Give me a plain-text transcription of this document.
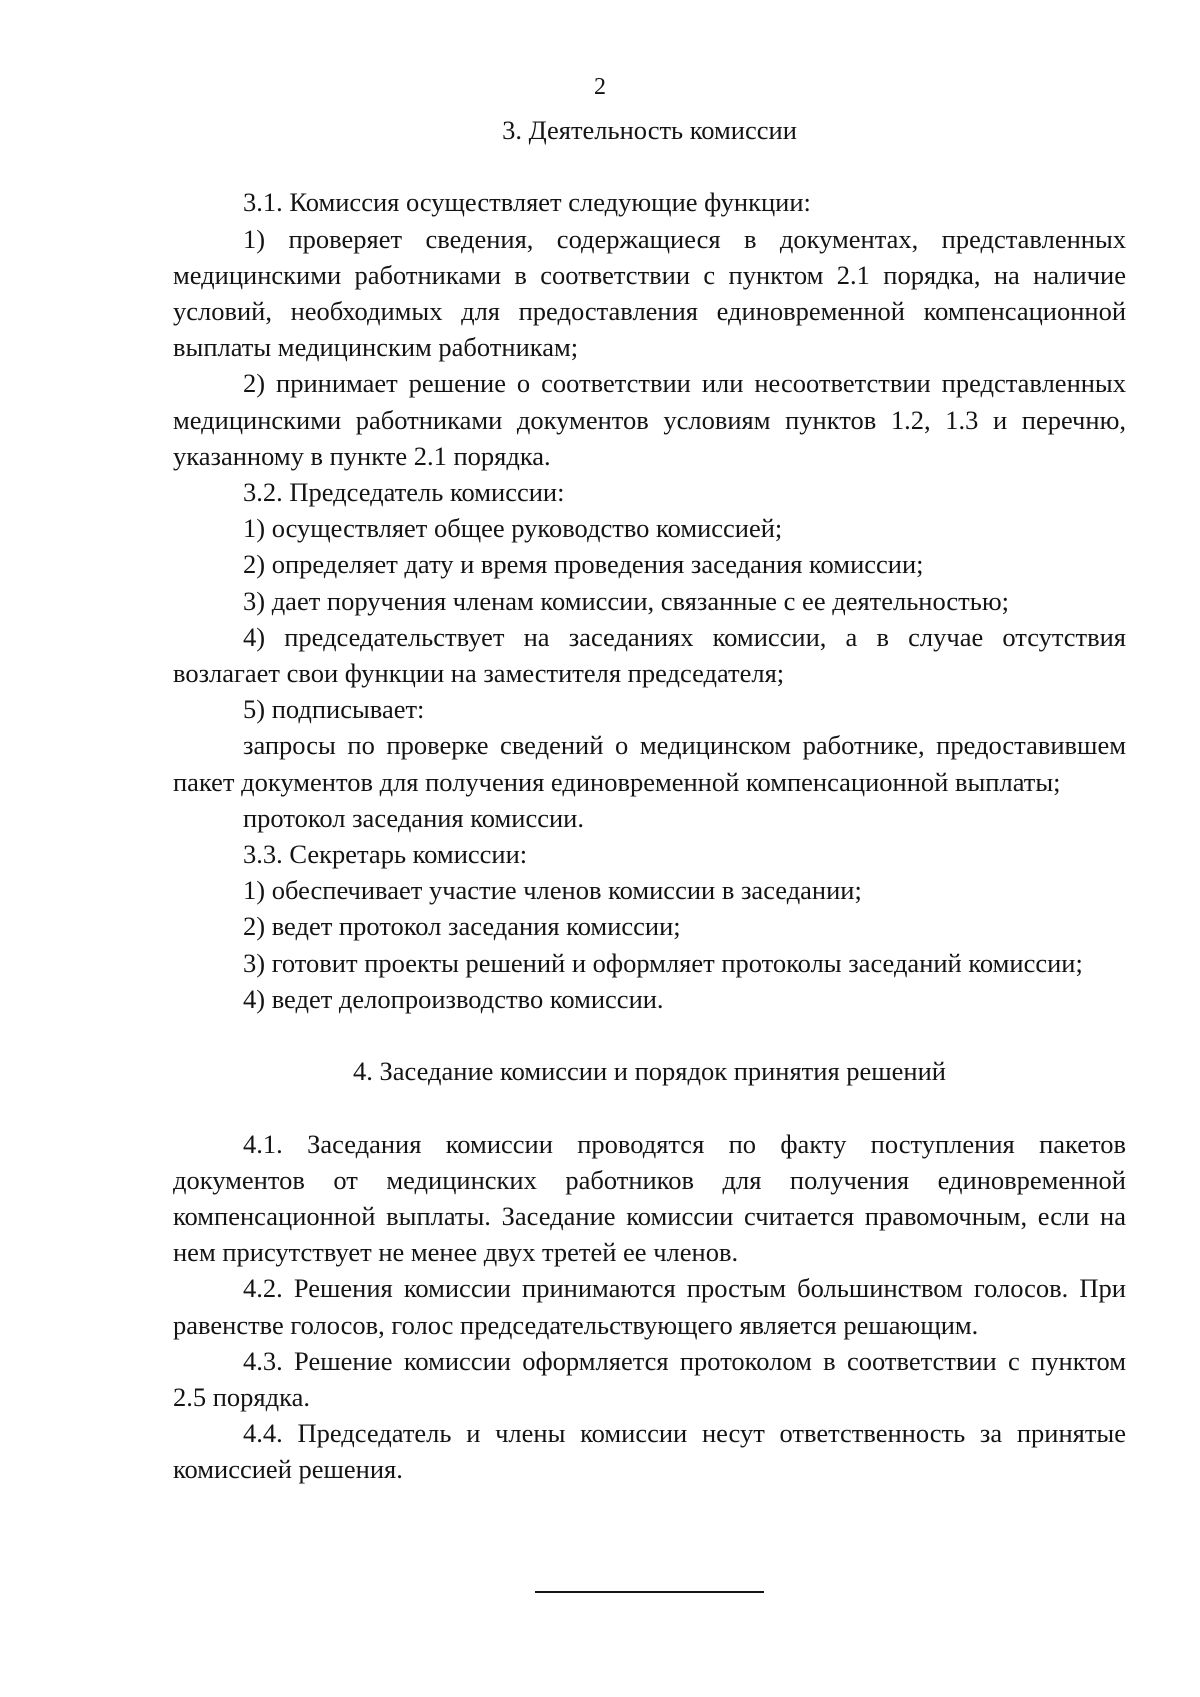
2
3. Деятельность комиссии

3.1. Комиссия осуществляет следующие функции:

1) проверяет сведения, содержащиеся в документах, представленных медицинскими работниками в соответствии с пунктом 2.1 порядка, на наличие условий, необходимых для предоставления единовременной компенсационной выплаты медицинским работникам;

2) принимает решение о соответствии или несоответствии представленных медицинскими работниками документов условиям пунктов 1.2, 1.3 и перечню, указанному в пункте 2.1 порядка.

3.2. Председатель комиссии:

1) осуществляет общее руководство комиссией;

2) определяет дату и время проведения заседания комиссии;

3) дает поручения членам комиссии, связанные с ее деятельностью;

4) председательствует на заседаниях комиссии, а в случае отсутствия возлагает свои функции на заместителя председателя;

5) подписывает:

запросы по проверке сведений о медицинском работнике, предоставившем пакет документов для получения единовременной компенсационной выплаты;

протокол заседания комиссии.

3.3. Секретарь комиссии:

1) обеспечивает участие членов комиссии в заседании;

2) ведет протокол заседания комиссии;

3) готовит проекты решений и оформляет протоколы заседаний комиссии;

4) ведет делопроизводство комиссии.

4. Заседание комиссии и порядок принятия решений

4.1. Заседания комиссии проводятся по факту поступления пакетов документов от медицинских работников для получения единовременной компенсационной выплаты. Заседание комиссии считается правомочным, если на нем присутствует не менее двух третей ее членов.

4.2. Решения комиссии принимаются простым большинством голосов. При равенстве голосов, голос председательствующего является решающим.

4.3. Решение комиссии оформляется протоколом в соответствии с пунктом 2.5 порядка.

4.4. Председатель и члены комиссии несут ответственность за принятые комиссией решения.
